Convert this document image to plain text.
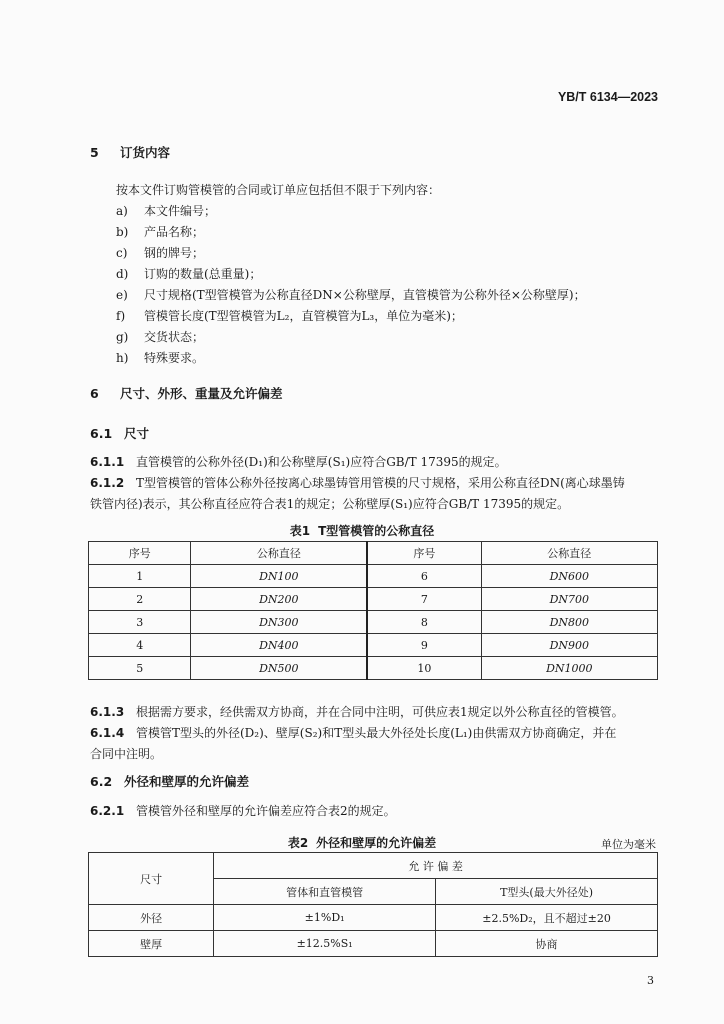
YB/T 6134—2023
5 订货内容
按本文件订购管模管的合同或订单应包括但不限于下列内容：
a) 本文件编号；
b) 产品名称；
c) 钢的牌号；
d) 订购的数量(总重量)；
e) 尺寸规格(T型管模管为公称直径DN×公称壁厚，直管模管为公称外径×公称壁厚)；
f) 管模管长度(T型管模管为L₂，直管模管为L₃，单位为毫米)；
g) 交货状态；
h) 特殊要求。
6 尺寸、外形、重量及允许偏差
6.1 尺寸
6.1.1 直管模管的公称外径(D₁)和公称壁厚(S₁)应符合GB/T 17395的规定。
6.1.2 T型管模管的管体公称外径按离心球墨铸管用管模的尺寸规格，采用公称直径DN(离心球墨铸
铁管内径)表示，其公称直径应符合表1的规定；公称壁厚(S₁)应符合GB/T 17395的规定。
表1 T型管模管的公称直径
序号	公称直径	序号	公称直径
1	DN100	6	DN600
2	DN200	7	DN700
3	DN300	8	DN800
4	DN400	9	DN900
5	DN500	10	DN1000
6.1.3 根据需方要求，经供需双方协商，并在合同中注明，可供应表1规定以外公称直径的管模管。
6.1.4 管模管T型头的外径(D₂)、壁厚(S₂)和T型头最大外径处长度(L₁)由供需双方协商确定，并在
合同中注明。
6.2 外径和壁厚的允许偏差
6.2.1 管模管外径和壁厚的允许偏差应符合表2的规定。
表2 外径和壁厚的允许偏差	单位为毫米
尺寸	允 许 偏 差	
	管体和直管模管	T型头(最大外径处)
外径	±1%D₁	±2.5%D₂，且不超过±20
壁厚	±12.5%S₁	协商
3
